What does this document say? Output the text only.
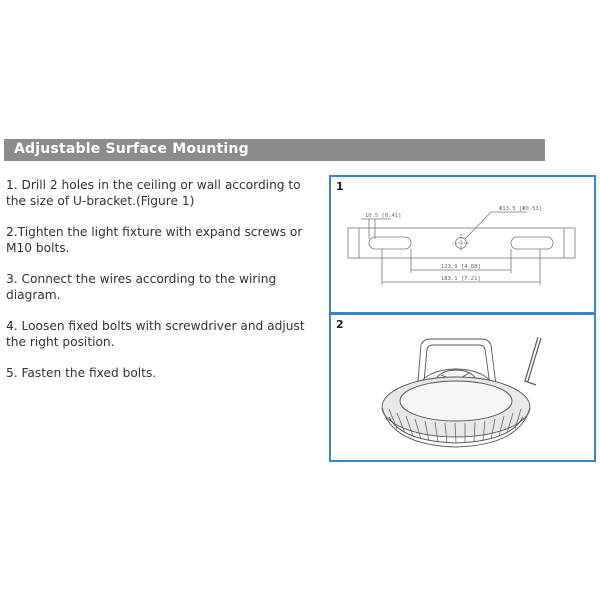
Adjustable Surface Mounting

1. Drill 2 holes in the ceiling or wall according to the size of U-bracket.(Figure 1)

2.Tighten the light fixture with expand screws or M10 bolts.

3. Connect the wires according to the wiring diagram.

4. Loosen fixed bolts with screwdriver and adjust the right position.

5. Fasten the fixed bolts.

1
10.5 [0.41]
Φ13.5 [Φ0.53]
123.9 [4.88]
183.1 [7.21]
2
